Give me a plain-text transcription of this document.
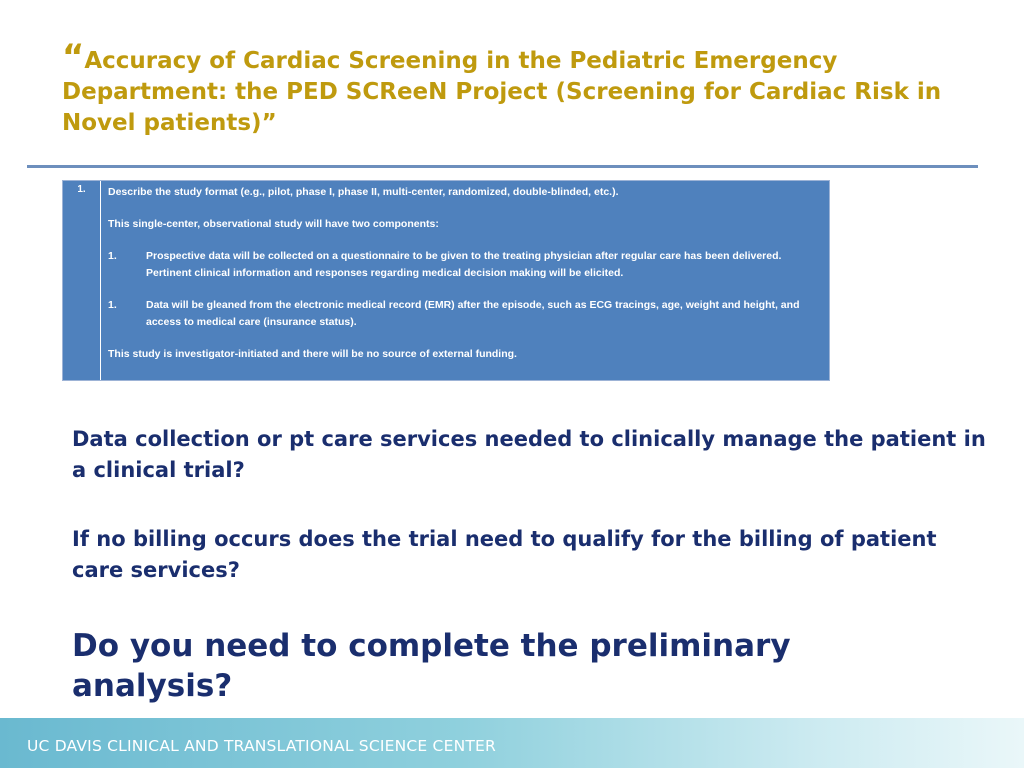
“Accuracy of Cardiac Screening in the Pediatric Emergency Department: the PED SCReeN Project (Screening for Cardiac Risk in Novel patients)”
1.	Describe the study format (e.g., pilot, phase I, phase II, multi-center, randomized, double-blinded, etc.).

This single-center, observational study will have two components:

1.	Prospective data will be collected on a questionnaire to be given to the treating physician after regular care has been delivered. Pertinent clinical information and responses regarding medical decision making will be elicited.
1.	Data will be gleaned from the electronic medical record (EMR) after the episode, such as ECG tracings, age, weight and height, and access to medical care (insurance status).

This study is investigator-initiated and there will be no source of external funding.

Data collection or pt care services needed to clinically manage the patient in a clinical trial?

If no billing occurs does the trial need to qualify for the billing of patient care services?

Do you need to complete the preliminary analysis?

UC DAVIS CLINICAL AND TRANSLATIONAL SCIENCE CENTER
